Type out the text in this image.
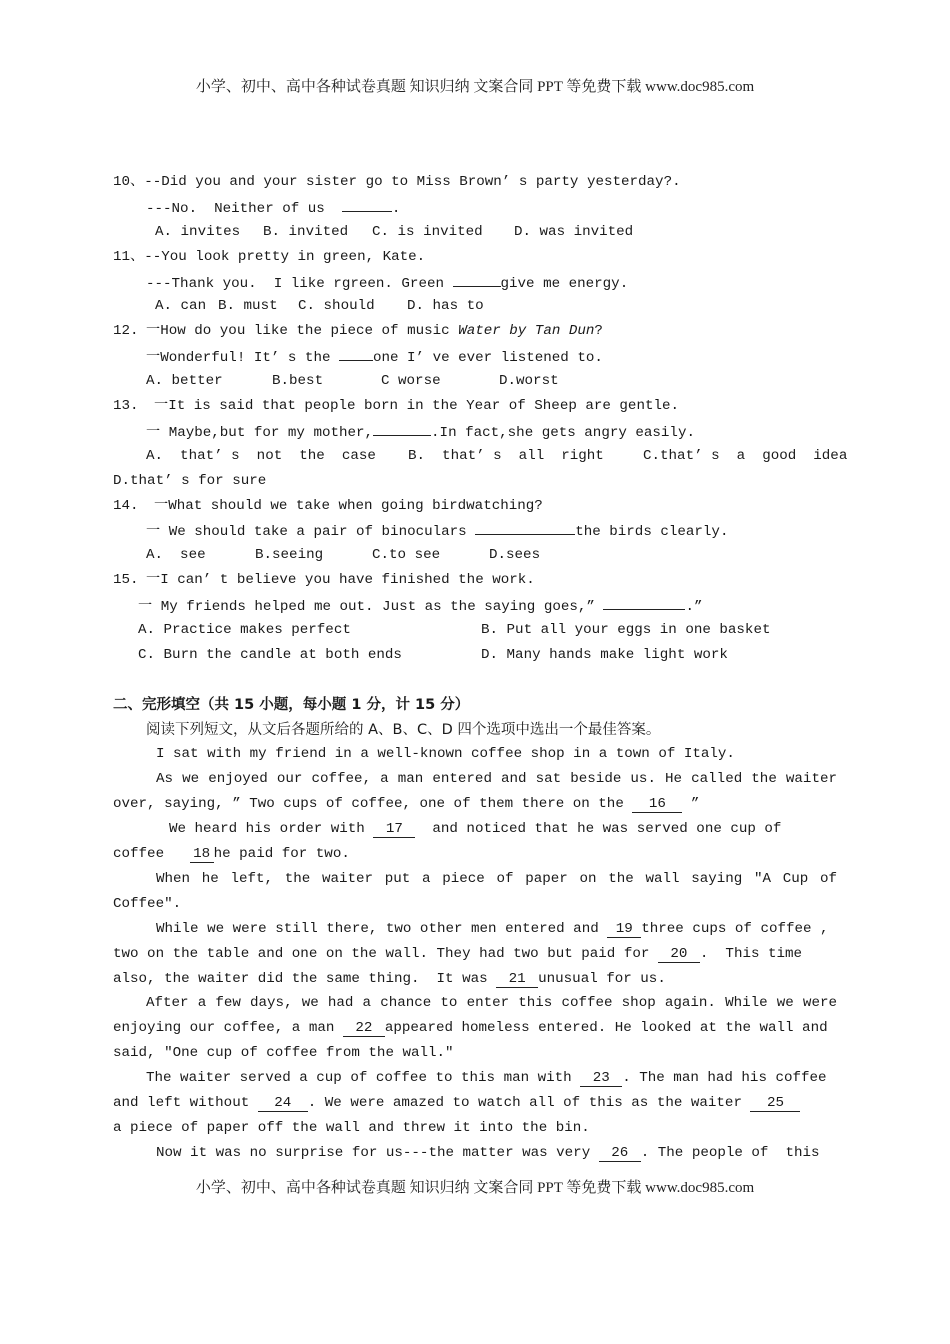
小学、初中、高中各种试卷真题 知识归纳 文案合同 PPT 等免费下载 www.doc985.com
10、--Did you and your sister go to Miss Brown’ s party yesterday?.
---No.  Neither of us	.
A. invites B. invited C. is invited D. was invited
11、--You look pretty in green, Kate.
---Thank you.  I like rgreen. Green	give me energy.
A. can B. must C. should D. has to
12. 一How do you like the piece of music Water by Tan Dun?
一Wonderful! It’ s the one I’ ve ever listened to.
A. better	B.best	C worse	D.worst
13. 一It is said that people born in the Year of Sheep are gentle.
一 Maybe,but for my mother,	.In fact,she gets angry easily.
A.  that’ s  not  the  case B.  that’ s  all  right	C.that’ s  a  good  idea
D.that’ s for sure
14. 一What should we take when going birdwatching?
一 We should take a pair of binoculars	the birds clearly.
A.  see	B.seeing	C.to see	D.sees
15. 一I can’ t believe you have finished the work.
一 My friends helped me out. Just as the saying goes,”	.”
A. Practice makes perfect	B. Put all your eggs in one basket
C. Burn the candle at both ends	D. Many hands make light work
二、完形填空（共 15 小题，每小题 1 分，计 15 分）
阅读下列短文，从文后各题所给的 A、B、C、D 四个选项中选出一个最佳答案。
I sat with my friend in a well-known coffee shop in a town of Italy.
As we enjoyed our coffee, a man entered and sat beside us. He called the waiter
over, saying, ” Two cups of coffee, one of them there on the 16 ”
We heard his order with 17  and noticed that he was served one cup of
coffee   18 he paid for two.
When he left, the waiter put a piece of paper on the wall saying ″A Cup of
Coffee″.
While we were still there, two other men entered and 19 three cups of coffee ,
two on the table and one on the wall. They had two but paid for 20 .  This time
also, the waiter did the same thing.  It was 21 unusual for us.
After a few days, we had a chance to enter this coffee shop again. While we were
enjoying our coffee, a man 22 appeared homeless entered. He looked at the wall and
said, ″One cup of coffee from the wall.″
The waiter served a cup of coffee to this man with 23 . The man had his coffee
and left without 24 . We were amazed to watch all of this as the waiter 25
a piece of paper off the wall and threw it into the bin.
Now it was no surprise for us---the matter was very 26 . The people of  this
小学、初中、高中各种试卷真题 知识归纳 文案合同 PPT 等免费下载 www.doc985.com
